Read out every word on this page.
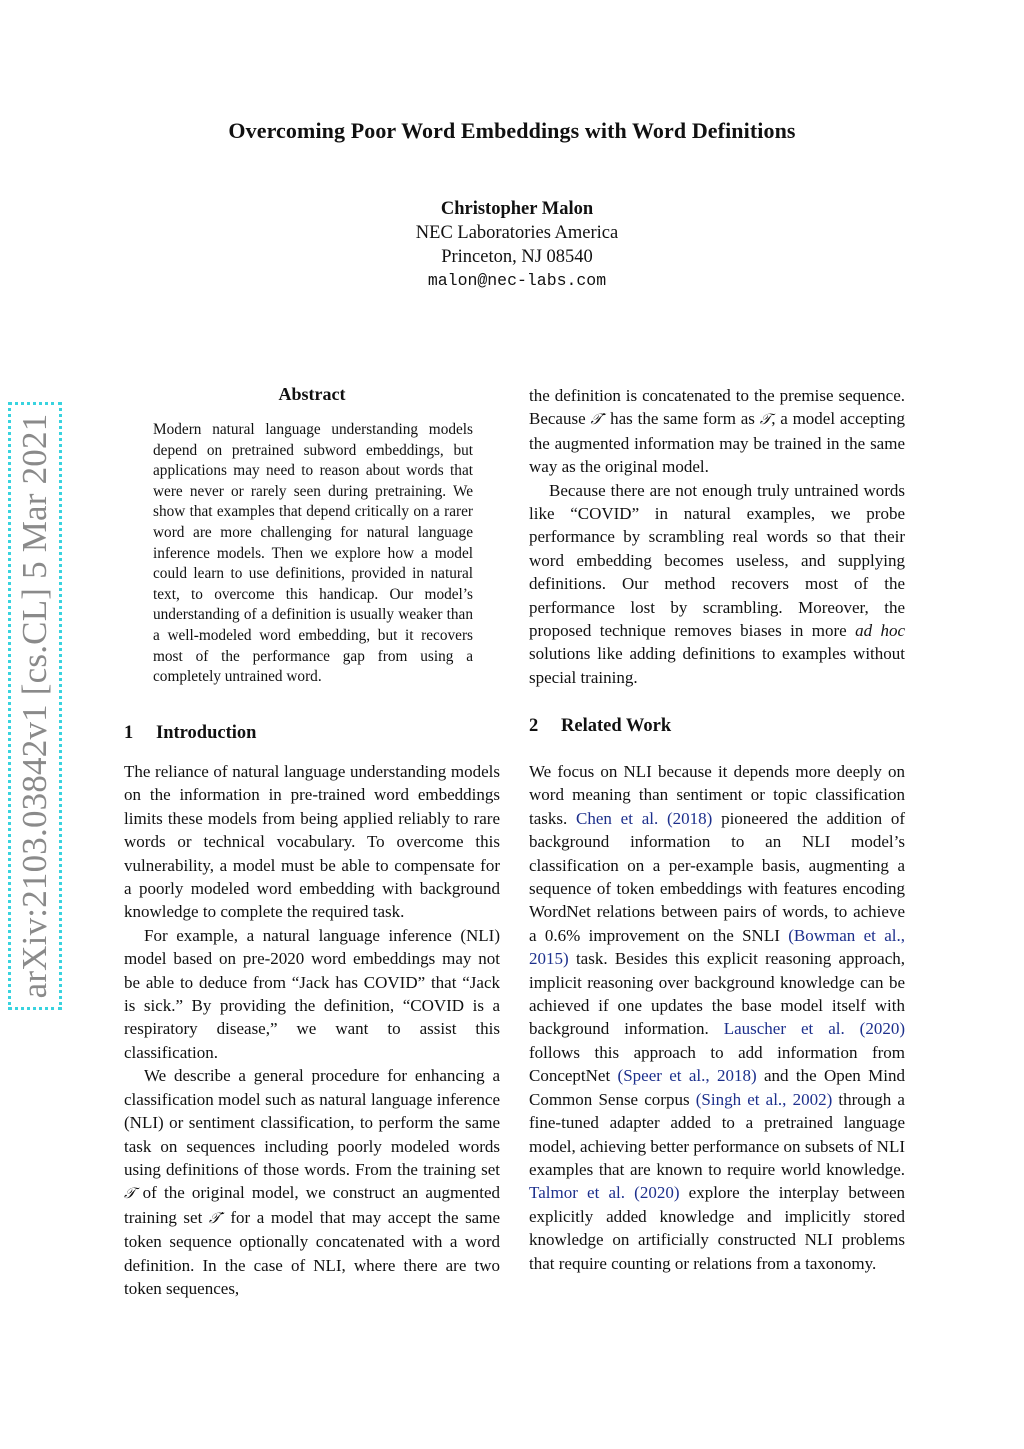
Overcoming Poor Word Embeddings with Word Definitions
Christopher Malon
NEC Laboratories America
Princeton, NJ 08540
malon@nec-labs.com
arXiv:2103.03842v1 [cs.CL] 5 Mar 2021
Abstract
Modern natural language understanding models depend on pretrained subword embeddings, but applications may need to reason about words that were never or rarely seen during pretraining. We show that examples that depend critically on a rarer word are more challenging for natural language inference models. Then we explore how a model could learn to use definitions, provided in natural text, to overcome this handicap. Our model’s understanding of a definition is usually weaker than a well-modeled word embedding, but it recovers most of the performance gap from using a completely untrained word.
1 Introduction

The reliance of natural language understanding models on the information in pre-trained word embeddings limits these models from being applied reliably to rare words or technical vocabulary. To overcome this vulnerability, a model must be able to compensate for a poorly modeled word embedding with background knowledge to complete the required task.

For example, a natural language inference (NLI) model based on pre-2020 word embeddings may not be able to deduce from “Jack has COVID” that “Jack is sick.” By providing the definition, “COVID is a respiratory disease,” we want to assist this classification.

We describe a general procedure for enhancing a classification model such as natural language inference (NLI) or sentiment classification, to perform the same task on sequences including poorly modeled words using definitions of those words. From the training set 𝒯 of the original model, we construct an augmented training set 𝒯′ for a model that may accept the same token sequence optionally concatenated with a word definition. In the case of NLI, where there are two token sequences,

the definition is concatenated to the premise sequence. Because 𝒯′ has the same form as 𝒯, a model accepting the augmented information may be trained in the same way as the original model.

Because there are not enough truly untrained words like “COVID” in natural examples, we probe performance by scrambling real words so that their word embedding becomes useless, and supplying definitions. Our method recovers most of the performance lost by scrambling. Moreover, the proposed technique removes biases in more ad hoc solutions like adding definitions to examples without special training.

2 Related Work

We focus on NLI because it depends more deeply on word meaning than sentiment or topic classification tasks. Chen et al. (2018) pioneered the addition of background information to an NLI model’s classification on a per-example basis, augmenting a sequence of token embeddings with features encoding WordNet relations between pairs of words, to achieve a 0.6% improvement on the SNLI (Bowman et al., 2015) task. Besides this explicit reasoning approach, implicit reasoning over background knowledge can be achieved if one updates the base model itself with background information. Lauscher et al. (2020) follows this approach to add information from ConceptNet (Speer et al., 2018) and the Open Mind Common Sense corpus (Singh et al., 2002) through a fine-tuned adapter added to a pretrained language model, achieving better performance on subsets of NLI examples that are known to require world knowledge. Talmor et al. (2020) explore the interplay between explicitly added knowledge and implicitly stored knowledge on artificially constructed NLI problems that require counting or relations from a taxonomy.
